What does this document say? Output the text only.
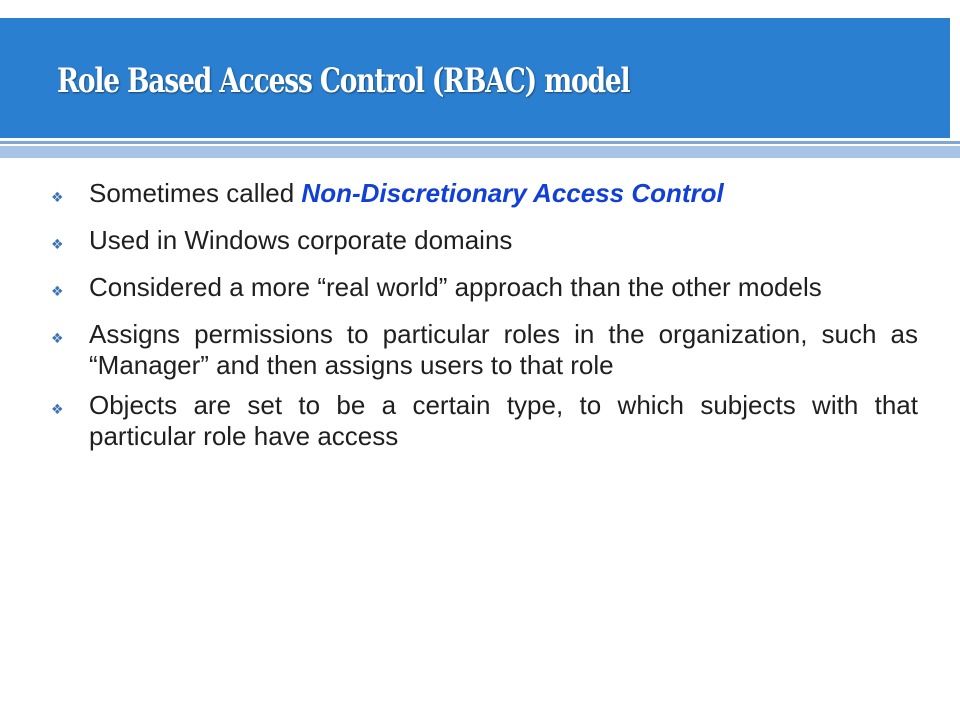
Role Based Access Control (RBAC) model
❖ Sometimes called Non-Discretionary Access Control
❖ Used in Windows corporate domains
❖ Considered a more “real world” approach than the other models
❖ Assigns permissions to particular roles in the organization, such as “Manager” and then assigns users to that role
❖ Objects are set to be a certain type, to which subjects with that particular role have access
